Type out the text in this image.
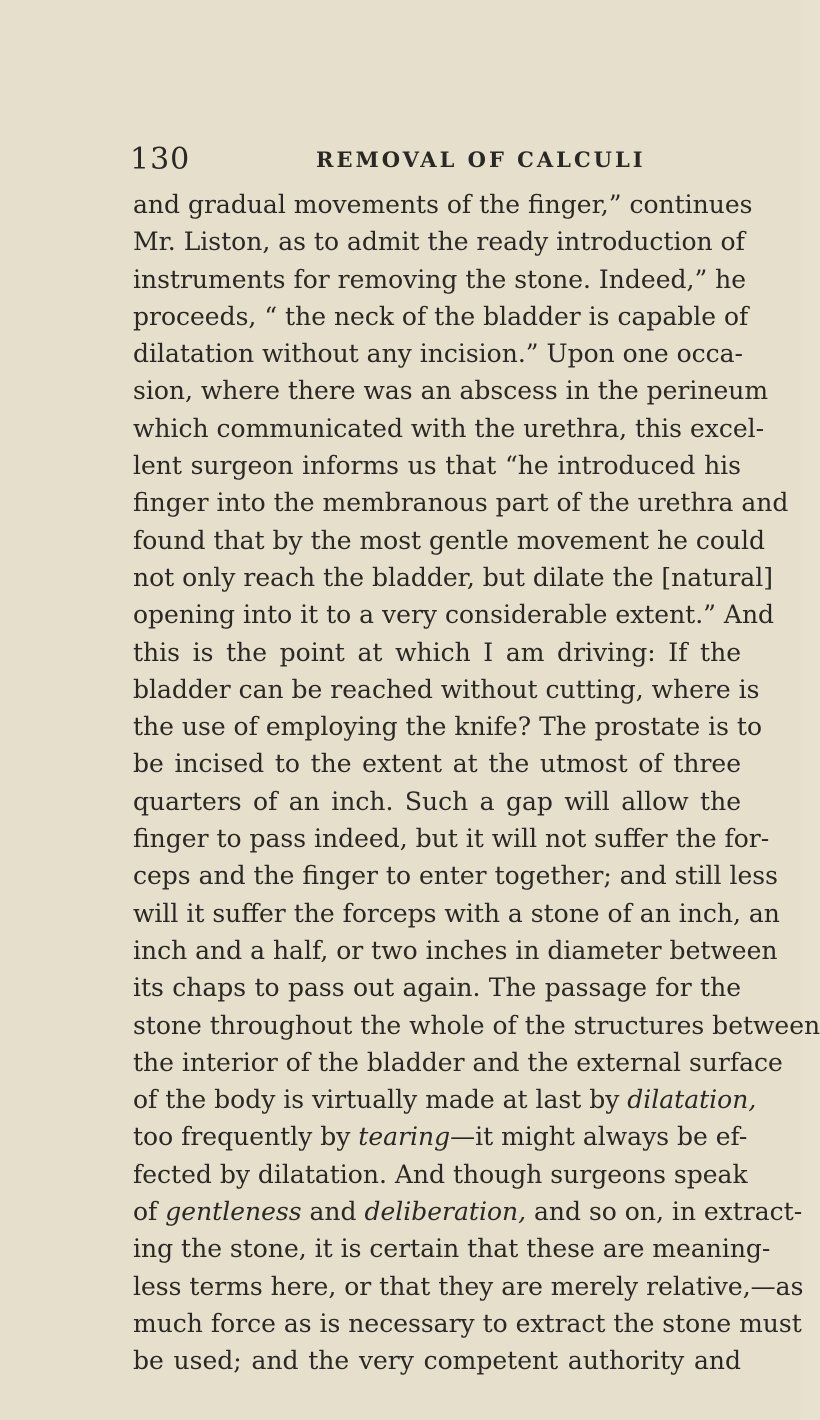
130	REMOVAL OF CALCULI
and gradual movements of the finger,” continues
Mr. Liston, as to admit the ready introduction of
instruments for removing the stone. Indeed,” he
proceeds, “ the neck of the bladder is capable of
dilatation without any incision.” Upon one occa-
sion, where there was an abscess in the perineum
which communicated with the urethra, this excel-
lent surgeon informs us that “he introduced his
finger into the membranous part of the urethra and
found that by the most gentle movement he could
not only reach the bladder, but dilate the [natural]
opening into it to a very considerable extent.” And
this is the point at which I am driving: If the
bladder can be reached without cutting, where is
the use of employing the knife? The prostate is to
be incised to the extent at the utmost of three
quarters of an inch. Such a gap will allow the
finger to pass indeed, but it will not suffer the for-
ceps and the finger to enter together; and still less
will it suffer the forceps with a stone of an inch, an
inch and a half, or two inches in diameter between
its chaps to pass out again. The passage for the
stone throughout the whole of the structures between
the interior of the bladder and the external surface
of the body is virtually made at last by dilatation,
too frequently by tearing—it might always be ef-
fected by dilatation. And though surgeons speak
of gentleness and deliberation, and so on, in extract-
ing the stone, it is certain that these are meaning-
less terms here, or that they are merely relative,—as
much force as is necessary to extract the stone must
be used; and the very competent authority and
